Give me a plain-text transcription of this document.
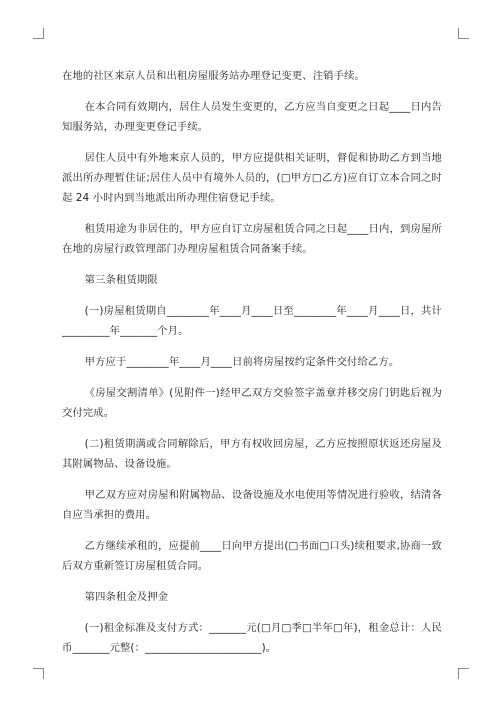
在地的社区来京人员和出租房屋服务站办理登记变更、注销手续。

在本合同有效期内，居住人员发生变更的，乙方应当自变更之日起____日内告知服务站，办理变更登记手续。

居住人员中有外地来京人员的，甲方应提供相关证明，督促和协助乙方到当地派出所办理暂住证;居住人员中有境外人员的，(□甲方□乙方)应自订立本合同之时起 24 小时内到当地派出所办理住宿登记手续。

租赁用途为非居住的，甲方应自订立房屋租赁合同之日起____日内，到房屋所在地的房屋行政管理部门办理房屋租赁合同备案手续。

第三条租赁期限

(一)房屋租赁期自________年____月____日至________年____月____日，共计_________年_______个月。

甲方应于________年____月____日前将房屋按约定条件交付给乙方。

《房屋交割清单》(见附件一)经甲乙双方交验签字盖章并移交房门钥匙后视为交付完成。

(二)租赁期满或合同解除后，甲方有权收回房屋，乙方应按照原状返还房屋及其附属物品、设备设施。

甲乙双方应对房屋和附属物品、设备设施及水电使用等情况进行验收，结清各自应当承担的费用。

乙方继续承租的，应提前____日向甲方提出(□书面□口头)续租要求,协商一致后双方重新签订房屋租赁合同。

第四条租金及押金

(一)租金标准及支付方式：_______元(□月□季□半年□年)，租金总计：人民币_______元整(：______________________)。
